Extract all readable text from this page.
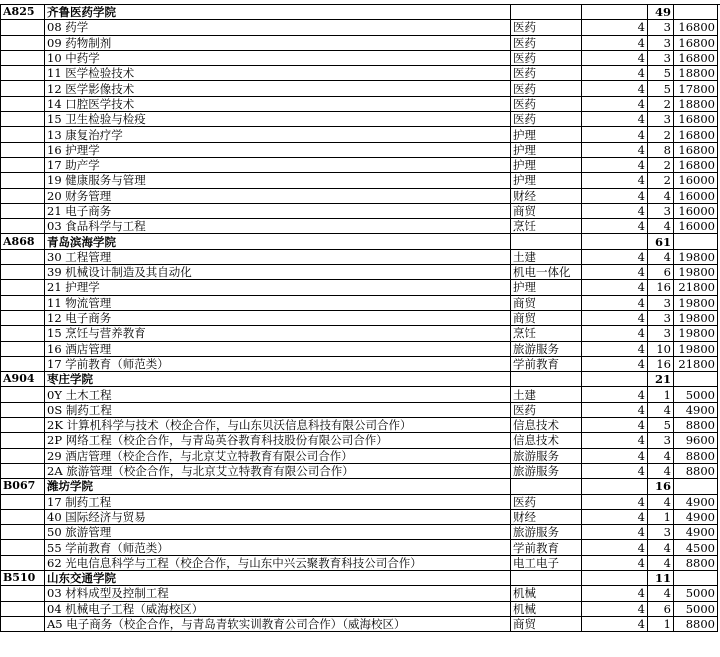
A825	齐鲁医药学院			49	
	08 药学	医药	4	3	16800
	09 药物制剂	医药	4	3	16800
	10 中药学	医药	4	3	16800
	11 医学检验技术	医药	4	5	18800
	12 医学影像技术	医药	4	5	17800
	14 口腔医学技术	医药	4	2	18800
	15 卫生检验与检疫	医药	4	3	16800
	13 康复治疗学	护理	4	2	16800
	16 护理学	护理	4	8	16800
	17 助产学	护理	4	2	16800
	19 健康服务与管理	护理	4	2	16000
	20 财务管理	财经	4	4	16000
	21 电子商务	商贸	4	3	16000
	03 食品科学与工程	烹饪	4	4	16000
A868	青岛滨海学院			61	
	30 工程管理	土建	4	4	19800
	39 机械设计制造及其自动化	机电一体化	4	6	19800
	21 护理学	护理	4	16	21800
	11 物流管理	商贸	4	3	19800
	12 电子商务	商贸	4	3	19800
	15 烹饪与营养教育	烹饪	4	3	19800
	16 酒店管理	旅游服务	4	10	19800
	17 学前教育（师范类）	学前教育	4	16	21800
A904	枣庄学院			21	
	0Y 土木工程	土建	4	1	5000
	0S 制药工程	医药	4	4	4900
	2K 计算机科学与技术（校企合作，与山东贝沃信息科技有限公司合作）	信息技术	4	5	8800
	2P 网络工程（校企合作，与青岛英谷教育科技股份有限公司合作）	信息技术	4	3	9600
	29 酒店管理（校企合作，与北京艾立特教育有限公司合作）	旅游服务	4	4	8800
	2A 旅游管理（校企合作，与北京艾立特教育有限公司合作）	旅游服务	4	4	8800
B067	潍坊学院			16	
	17 制药工程	医药	4	4	4900
	40 国际经济与贸易	财经	4	1	4900
	50 旅游管理	旅游服务	4	3	4900
	55 学前教育（师范类）	学前教育	4	4	4500
	62 光电信息科学与工程（校企合作，与山东中兴云聚教育科技公司合作）	电工电子	4	4	8800
B510	山东交通学院			11	
	03 材料成型及控制工程	机械	4	4	5000
	04 机械电子工程（威海校区）	机械	4	6	5000
	A5 电子商务（校企合作，与青岛青软实训教育公司合作）（威海校区）	商贸	4	1	8800
